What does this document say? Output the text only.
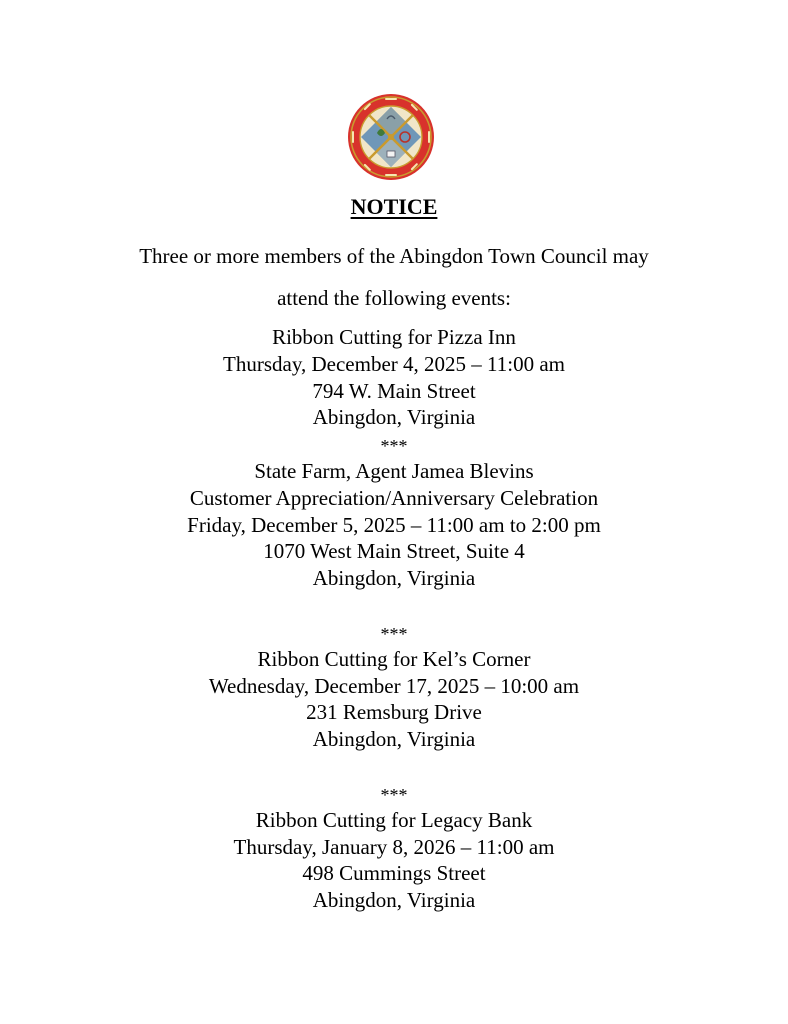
NOTICE
Three or more members of the Abingdon Town Council may
attend the following events:
Ribbon Cutting for Pizza Inn
Thursday, December 4, 2025 – 11:00 am
794 W. Main Street
Abingdon, Virginia
***
State Farm, Agent Jamea Blevins
Customer Appreciation/Anniversary Celebration
Friday, December 5, 2025 – 11:00 am to 2:00 pm
1070 West Main Street, Suite 4
Abingdon, Virginia
***
Ribbon Cutting for Kel’s Corner
Wednesday, December 17, 2025 – 10:00 am
231 Remsburg Drive
Abingdon, Virginia
***
Ribbon Cutting for Legacy Bank
Thursday, January 8, 2026 – 11:00 am
498 Cummings Street
Abingdon, Virginia
